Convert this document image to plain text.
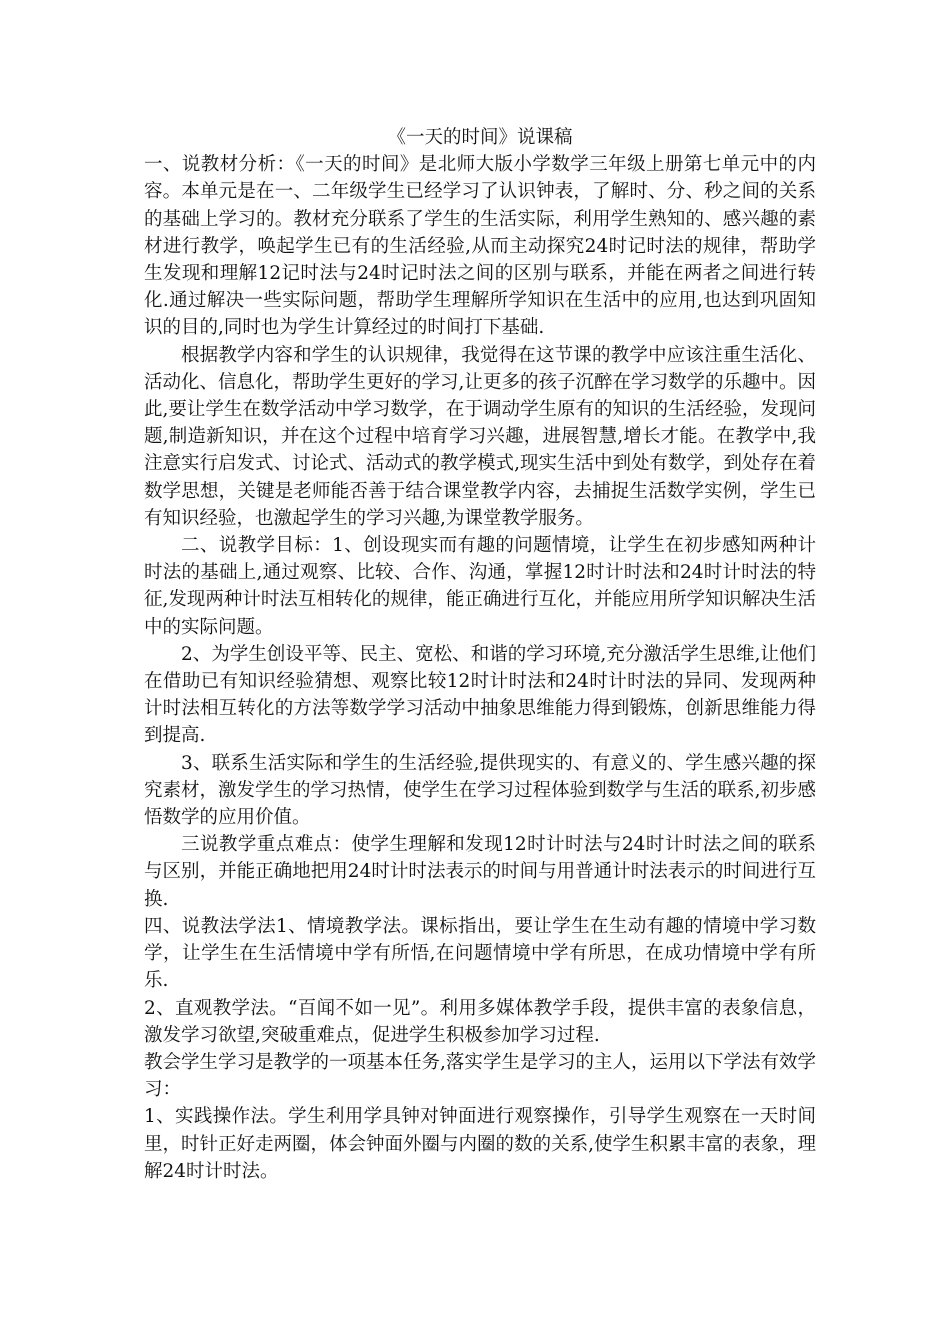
《一天的时间》说课稿

一、说教材分析：《一天的时间》是北师大版小学数学三年级上册第七单元中的内容。本单元是在一、二年级学生已经学习了认识钟表，了解时、分、秒之间的关系的基础上学习的。教材充分联系了学生的生活实际，利用学生熟知的、感兴趣的素材进行教学，唤起学生已有的生活经验,从而主动探究24时记时法的规律，帮助学生发现和理解12记时法与24时记时法之间的区别与联系，并能在两者之间进行转化.通过解决一些实际问题，帮助学生理解所学知识在生活中的应用,也达到巩固知识的目的,同时也为学生计算经过的时间打下基础.

根据教学内容和学生的认识规律，我觉得在这节课的教学中应该注重生活化、活动化、信息化，帮助学生更好的学习,让更多的孩子沉醉在学习数学的乐趣中。因此,要让学生在数学活动中学习数学，在于调动学生原有的知识的生活经验，发现问题,制造新知识，并在这个过程中培育学习兴趣，进展智慧,增长才能。在教学中,我注意实行启发式、讨论式、活动式的教学模式,现实生活中到处有数学，到处存在着数学思想，关键是老师能否善于结合课堂教学内容，去捕捉生活数学实例，学生已有知识经验，也激起学生的学习兴趣,为课堂教学服务。

二、说教学目标：1、创设现实而有趣的问题情境，让学生在初步感知两种计时法的基础上,通过观察、比较、合作、沟通，掌握12时计时法和24时计时法的特征,发现两种计时法互相转化的规律，能正确进行互化，并能应用所学知识解决生活中的实际问题。

2、为学生创设平等、民主、宽松、和谐的学习环境,充分激活学生思维,让他们在借助已有知识经验猜想、观察比较12时计时法和24时计时法的异同、发现两种计时法相互转化的方法等数学学习活动中抽象思维能力得到锻炼，创新思维能力得到提高.

3、联系生活实际和学生的生活经验,提供现实的、有意义的、学生感兴趣的探究素材，激发学生的学习热情，使学生在学习过程体验到数学与生活的联系,初步感悟数学的应用价值。

三说教学重点难点：使学生理解和发现12时计时法与24时计时法之间的联系与区别，并能正确地把用24时计时法表示的时间与用普通计时法表示的时间进行互换.

四、说教法学法1、情境教学法。课标指出，要让学生在生动有趣的情境中学习数学，让学生在生活情境中学有所悟,在问题情境中学有所思，在成功情境中学有所乐.

2、直观教学法。“百闻不如一见”。利用多媒体教学手段，提供丰富的表象信息，激发学习欲望,突破重难点，促进学生积极参加学习过程.

教会学生学习是教学的一项基本任务,落实学生是学习的主人，运用以下学法有效学习：

1、实践操作法。学生利用学具钟对钟面进行观察操作，引导学生观察在一天时间里，时针正好走两圈，体会钟面外圈与内圈的数的关系,使学生积累丰富的表象，理解24时计时法。
